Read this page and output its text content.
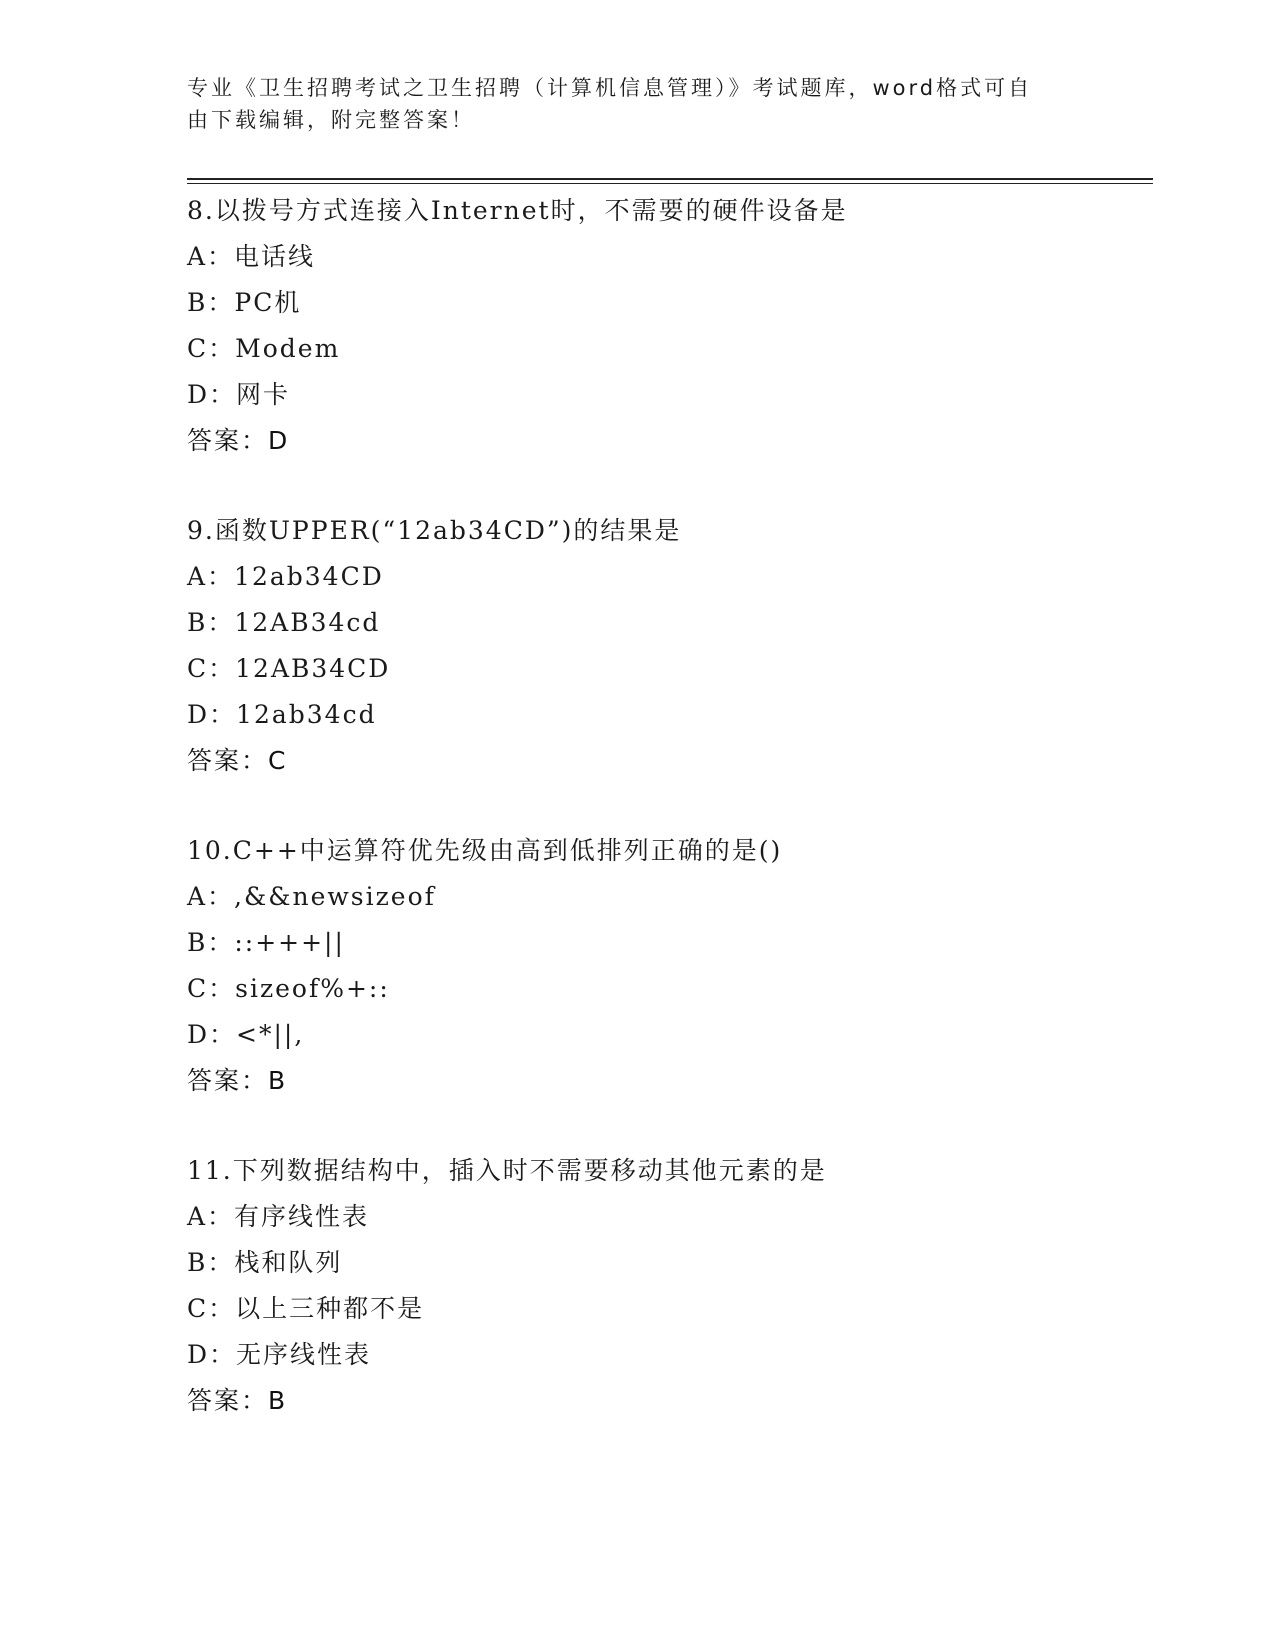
专业《卫生招聘考试之卫生招聘（计算机信息管理）》考试题库，word格式可自
由下载编辑，附完整答案！
8.以拨号方式连接入Internet时，不需要的硬件设备是
A：电话线
B：PC机
C：Modem
D：网卡
答案：D
9.函数UPPER(“12ab34CD”)的结果是
A：12ab34CD
B：12AB34cd
C：12AB34CD
D：12ab34cd
答案：C
10.C++中运算符优先级由高到低排列正确的是()
A：,&&newsizeof
B：::+++||
C：sizeof%+::
D：<*||,
答案：B
11.下列数据结构中，插入时不需要移动其他元素的是
A：有序线性表
B：栈和队列
C：以上三种都不是
D：无序线性表
答案：B
